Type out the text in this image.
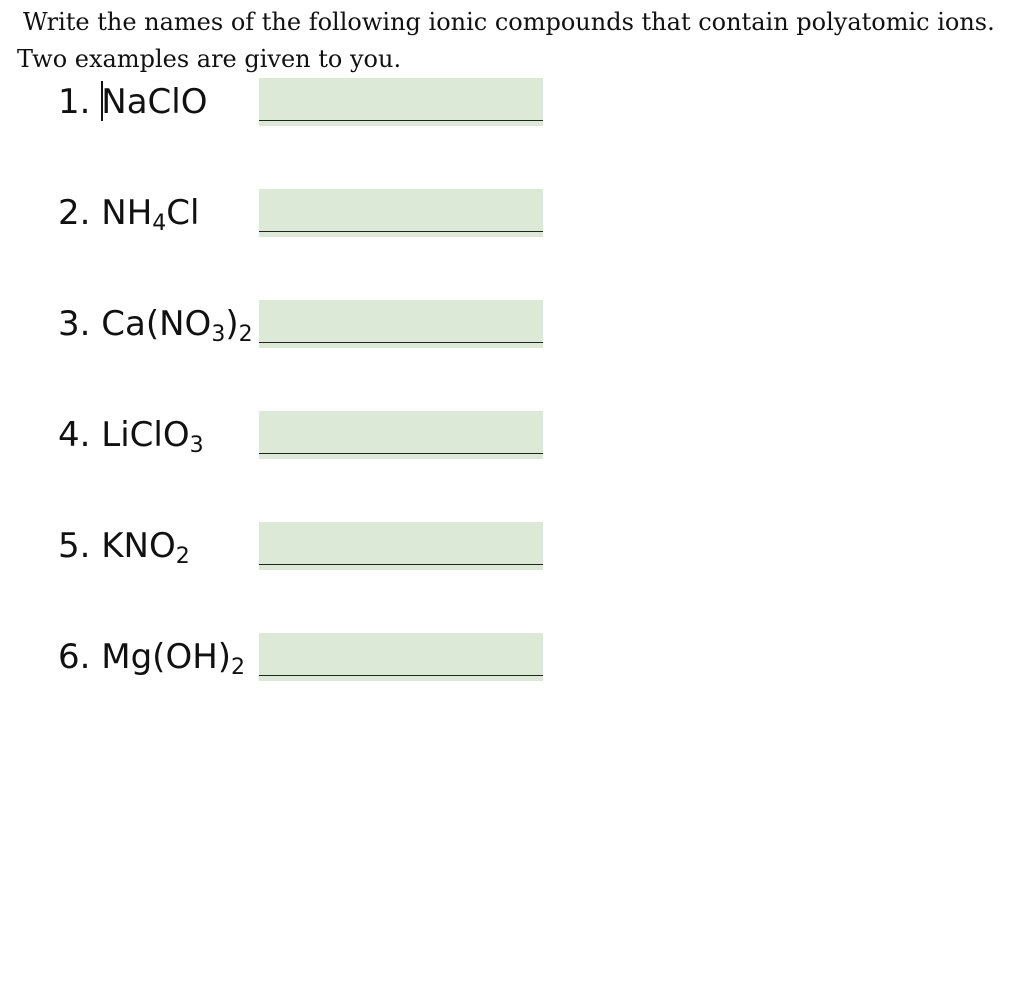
Write the names of the following ionic compounds that contain polyatomic ions. Two examples are given to you.

1. NaClO
2. $NH_4Cl$
3. $Ca(NO_3)_2$
4. LiClO$_3$
5. $KNO_2$
6. $Mg(OH)_2$
